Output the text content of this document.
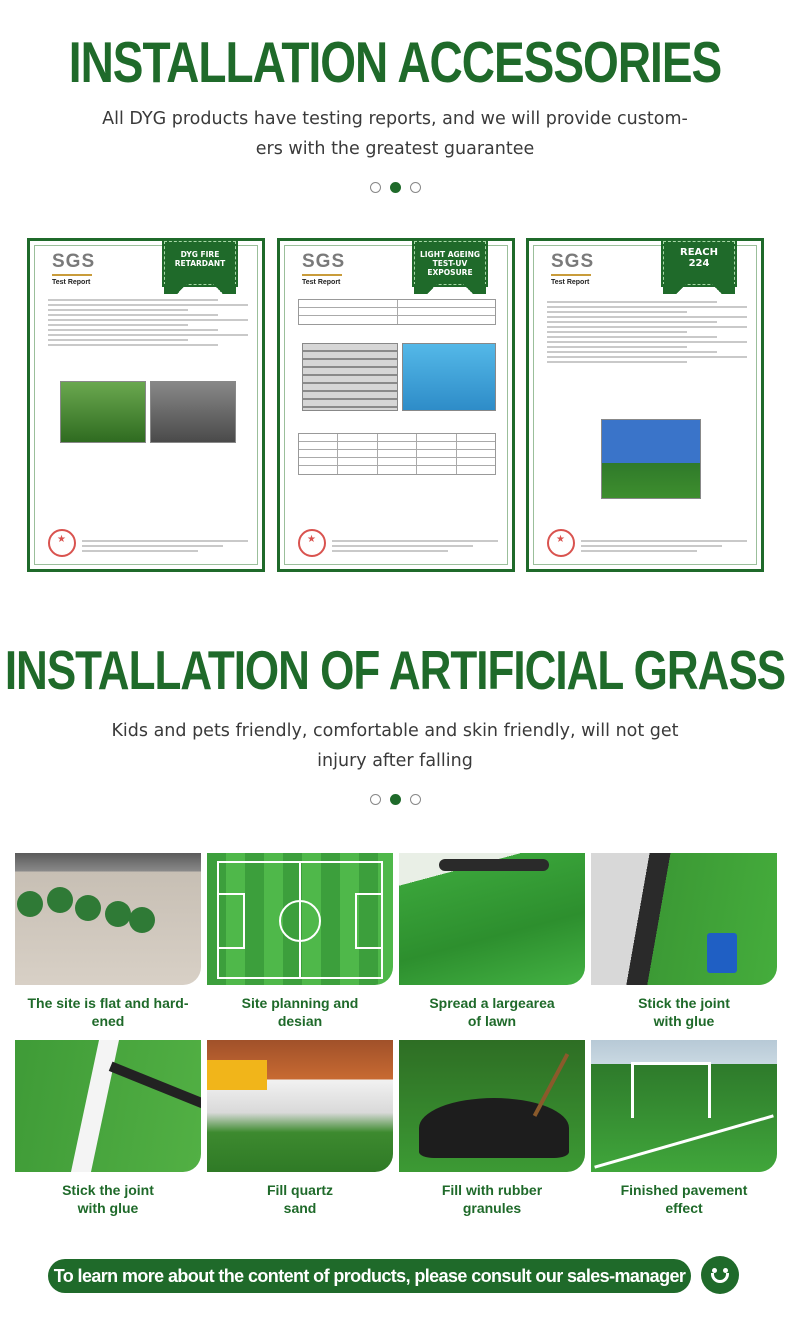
INSTALLATION ACCESSORIES
All DYG products have testing reports, and we will provide custom-
ers with the greatest guarantee
SGS
Test Report
DYG FIRE
RETARDANT
★	SGS
Test Report
LIGHT AGEING
TEST-UV EXPOSURE
★
SGS
Test Report
REACH
224
★
INSTALLATION OF ARTIFICIAL GRASS
Kids and pets friendly, comfortable and skin friendly, will not get
injury after falling
The site is flat and hard-
ened
Site planning and
desian
Spread a largearea
of lawn
Stick the joint
with glue
Stick the joint
with glue
Fill quartz
sand
Fill with rubber
granules
Finished pavement
effect
To learn more about the content of products, please consult our sales-manager
